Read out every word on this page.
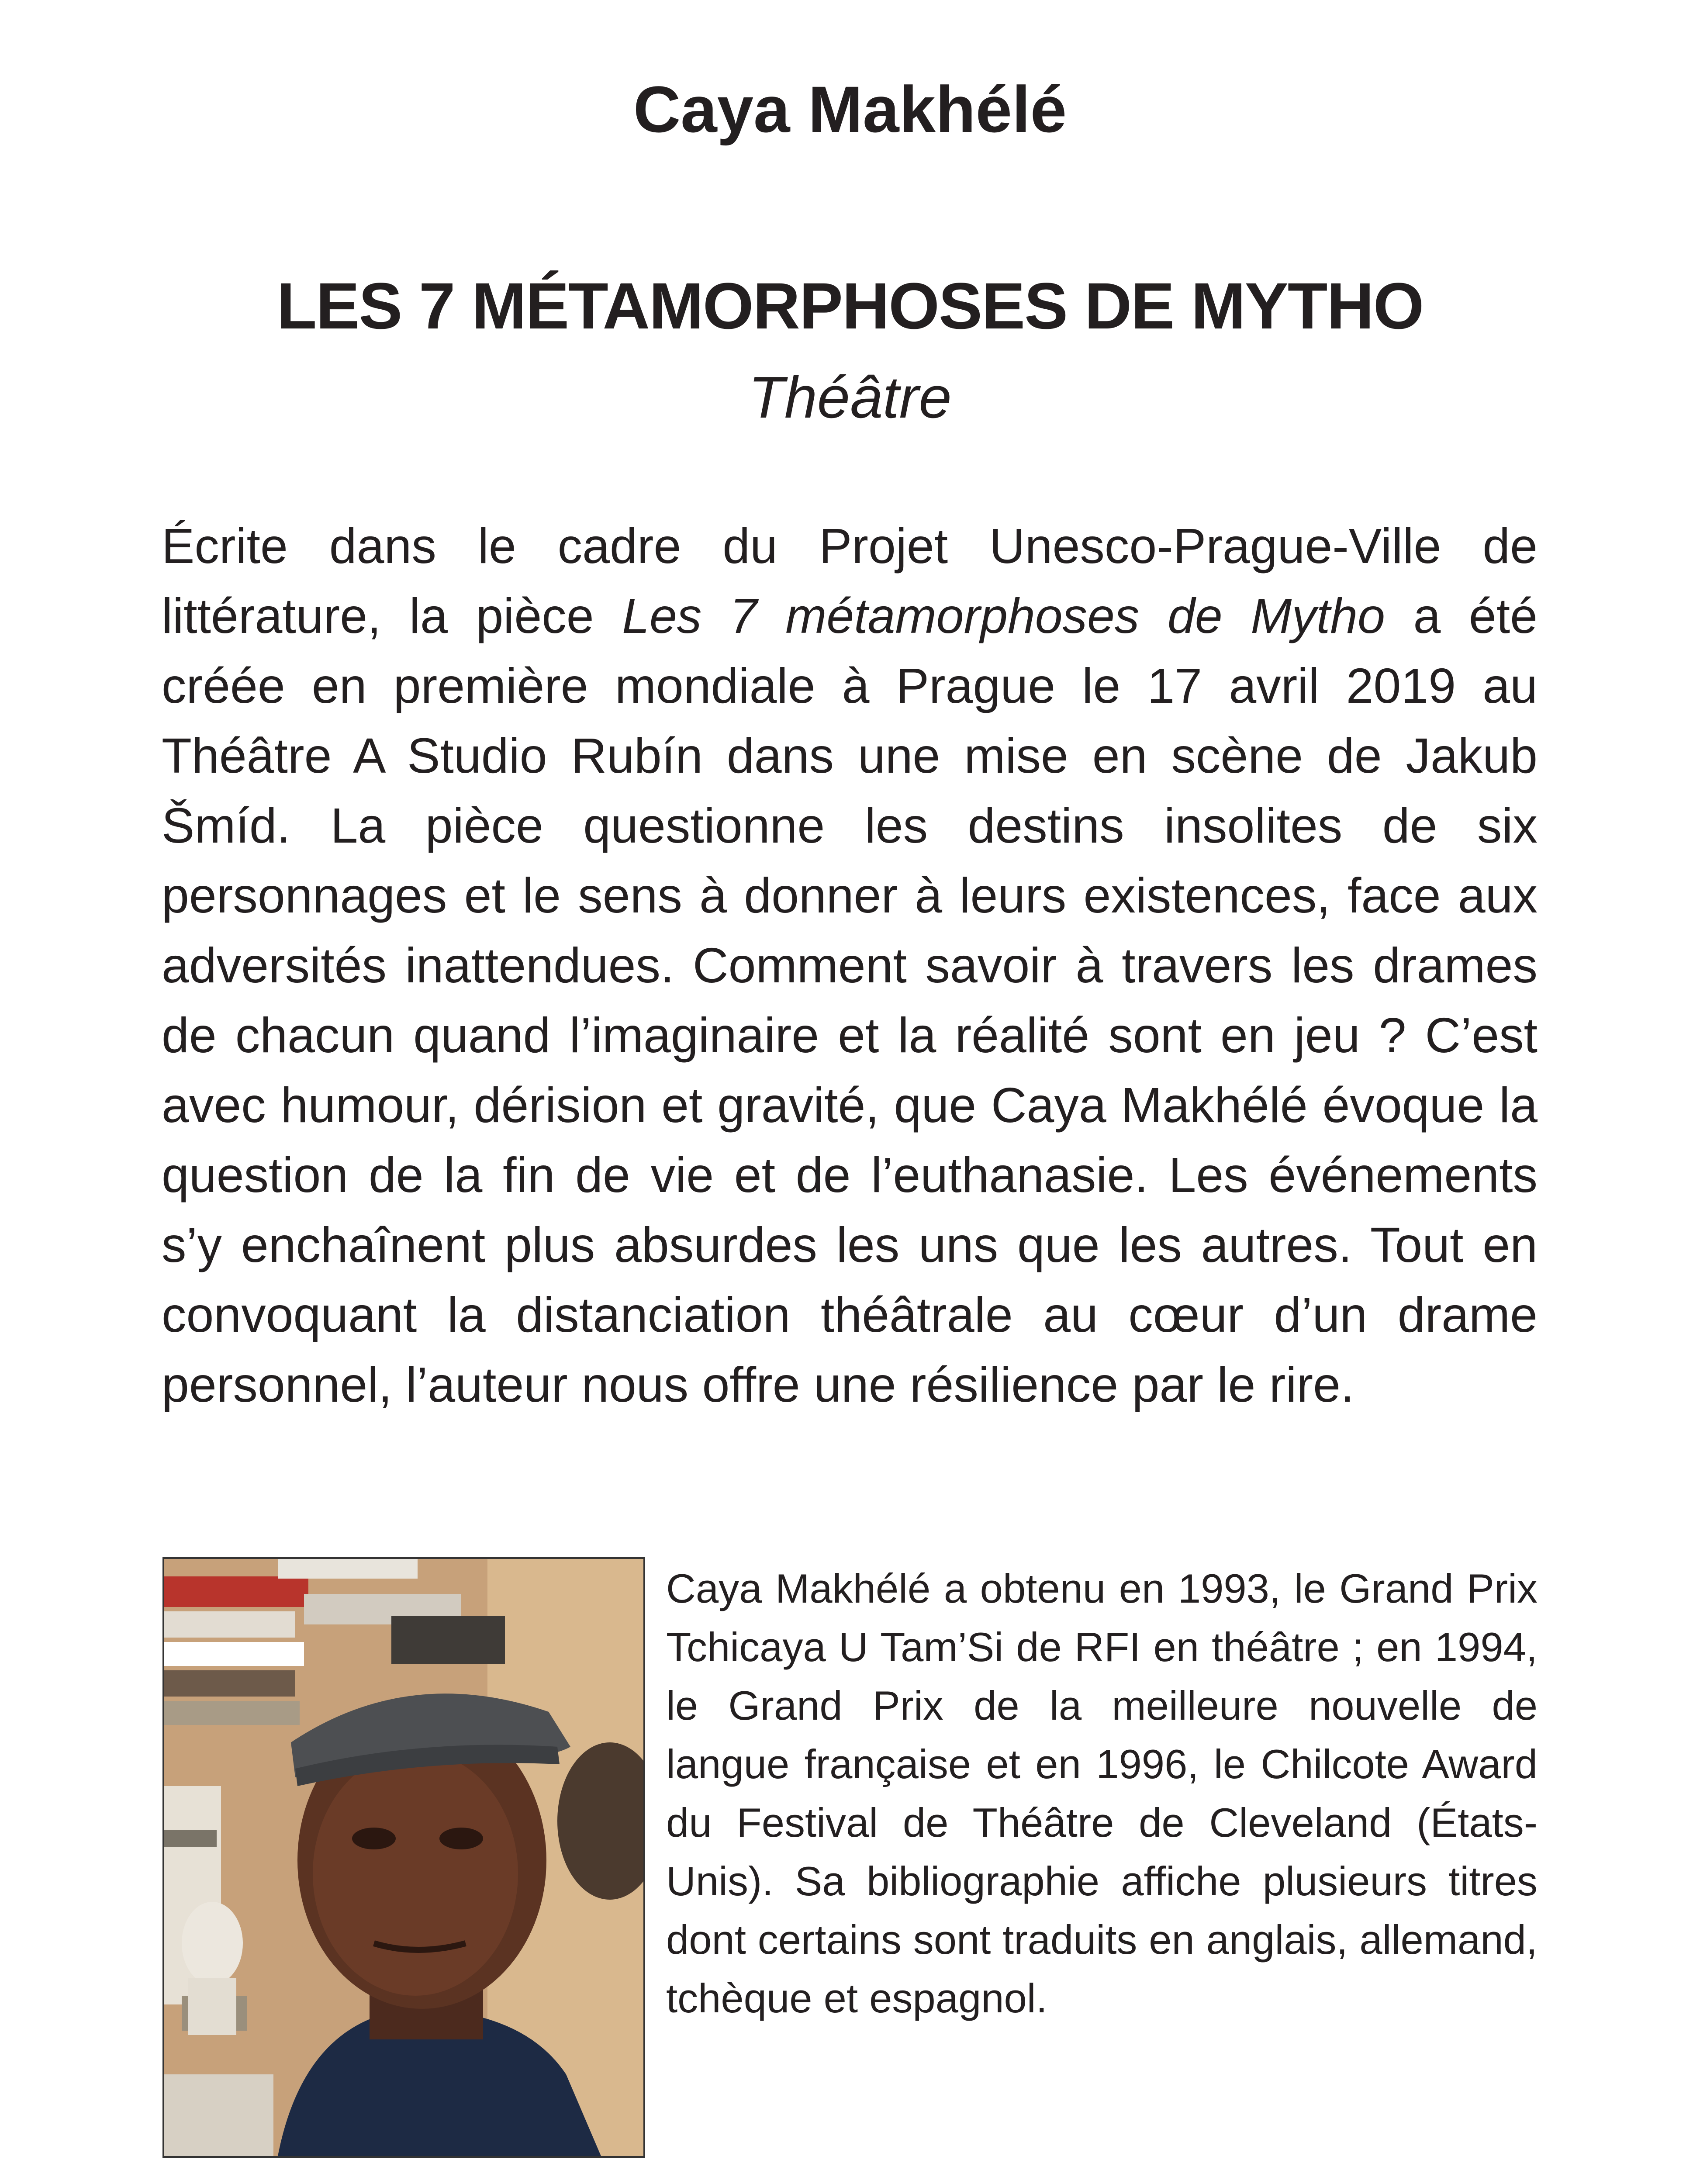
Caya Makhélé
LES 7 MÉTAMORPHOSES DE MYTHO
Théâtre

Écrite dans le cadre du Projet Unesco-Prague-Ville de littérature, la pièce Les 7 métamorphoses de Mytho a été créée en première mondiale à Prague le 17 avril 2019 au Théâtre A Studio Rubín dans une mise en scène de Jakub Šmíd. La pièce questionne les destins insolites de six personnages et le sens à donner à leurs existences, face aux adversités inattendues. Comment savoir à travers les drames de chacun quand l’imaginaire et la réalité sont en jeu ? C’est avec humour, dérision et gravité, que Caya Makhélé évoque la question de la fin de vie et de l’euthanasie. Les événements s’y enchaînent plus absurdes les uns que les autres. Tout en convoquant la distanciation théâtrale au cœur d’un drame personnel, l’auteur nous offre une résilience par le rire.

Caya Makhélé a obtenu en 1993, le Grand Prix Tchicaya U Tam’Si de RFI en théâtre ; en 1994, le Grand Prix de la meilleure nouvelle de langue française et en 1996, le Chilcote Award du Festival de Théâtre de Cleveland (États-Unis). Sa bibliographie affiche plusieurs titres dont certains sont traduits en anglais, allemand, tchèque et espagnol.
